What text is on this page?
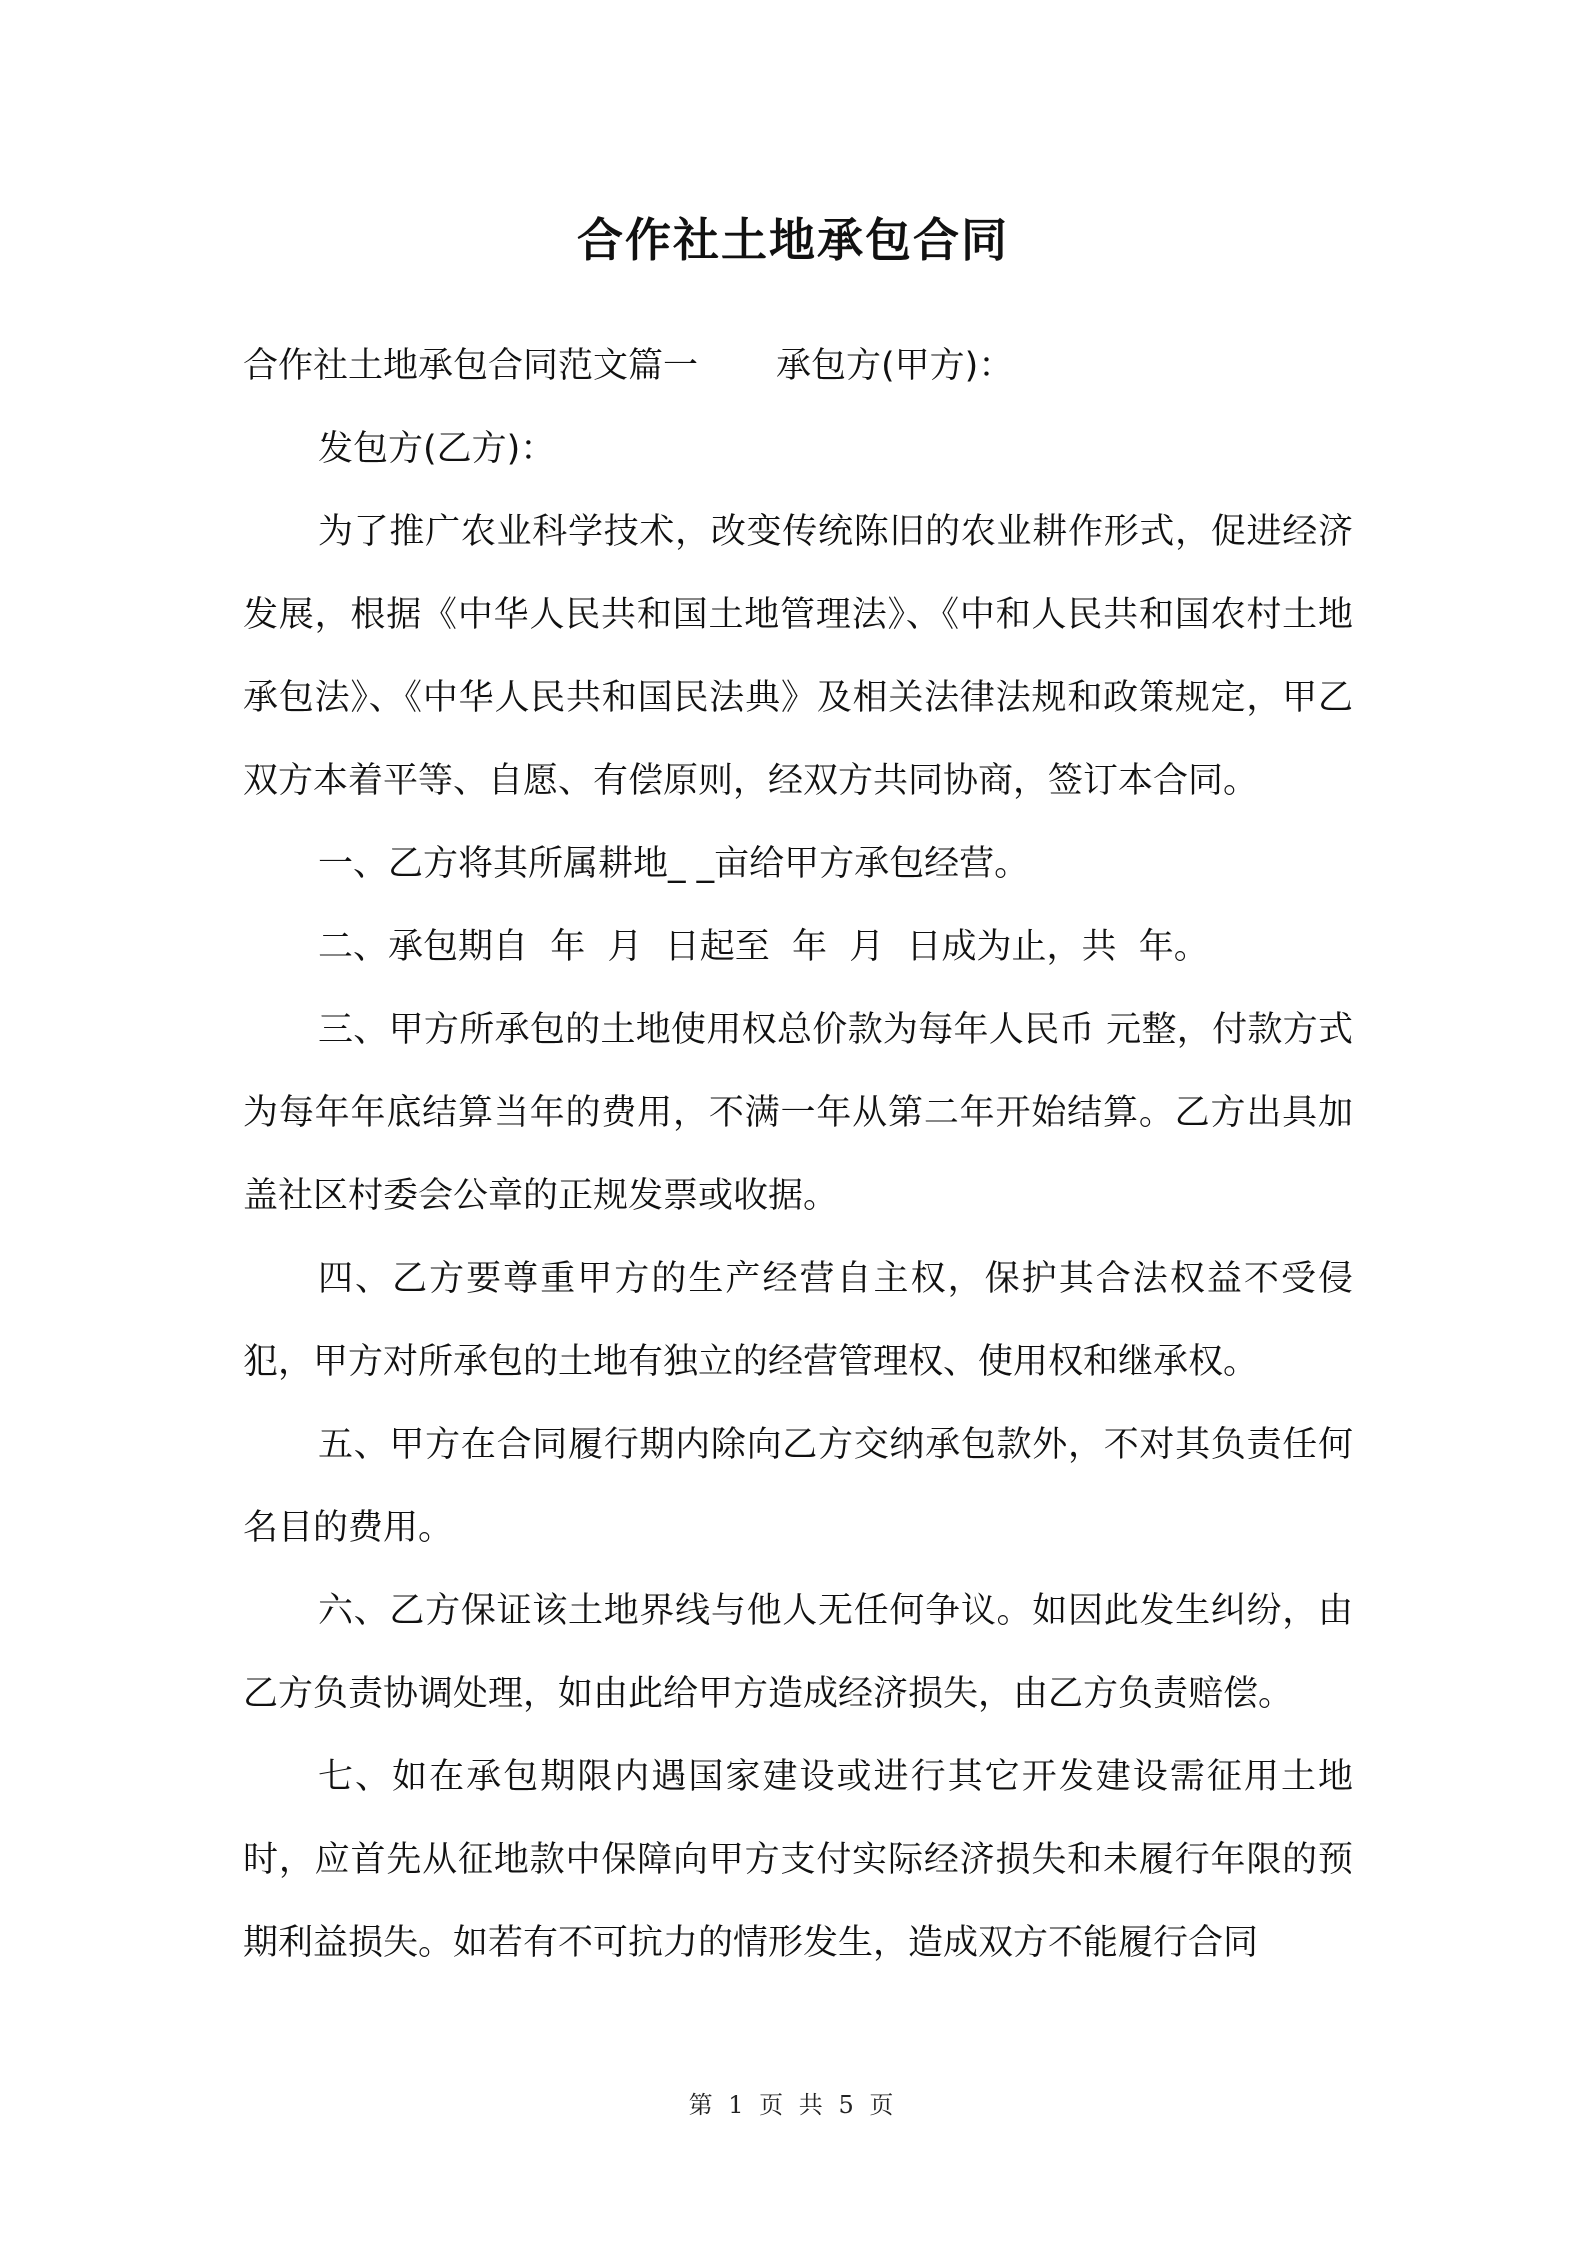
合作社土地承包合同

合作社土地承包合同范文篇一 承包方(甲方)：

发包方(乙方)：

为了推广农业科学技术，改变传统陈旧的农业耕作形式，促进经济发展，根据《中华人民共和国土地管理法》、《中和人民共和国农村土地承包法》、《中华人民共和国民法典》及相关法律法规和政策规定，甲乙双方本着平等、自愿、有偿原则，经双方共同协商，签订本合同。

一、乙方将其所属耕地_ _亩给甲方承包经营。

二、承包期自  年  月  日起至  年  月  日成为止，共  年。

三、甲方所承包的土地使用权总价款为每年人民币 元整，付款方式为每年年底结算当年的费用，不满一年从第二年开始结算。乙方出具加盖社区村委会公章的正规发票或收据。

四、乙方要尊重甲方的生产经营自主权，保护其合法权益不受侵犯，甲方对所承包的土地有独立的经营管理权、使用权和继承权。

五、甲方在合同履行期内除向乙方交纳承包款外，不对其负责任何名目的费用。

六、乙方保证该土地界线与他人无任何争议。如因此发生纠纷，由乙方负责协调处理，如由此给甲方造成经济损失，由乙方负责赔偿。

七、如在承包期限内遇国家建设或进行其它开发建设需征用土地时，应首先从征地款中保障向甲方支付实际经济损失和未履行年限的预期利益损失。如若有不可抗力的情形发生，造成双方不能履行合同

第 1 页 共 5 页
